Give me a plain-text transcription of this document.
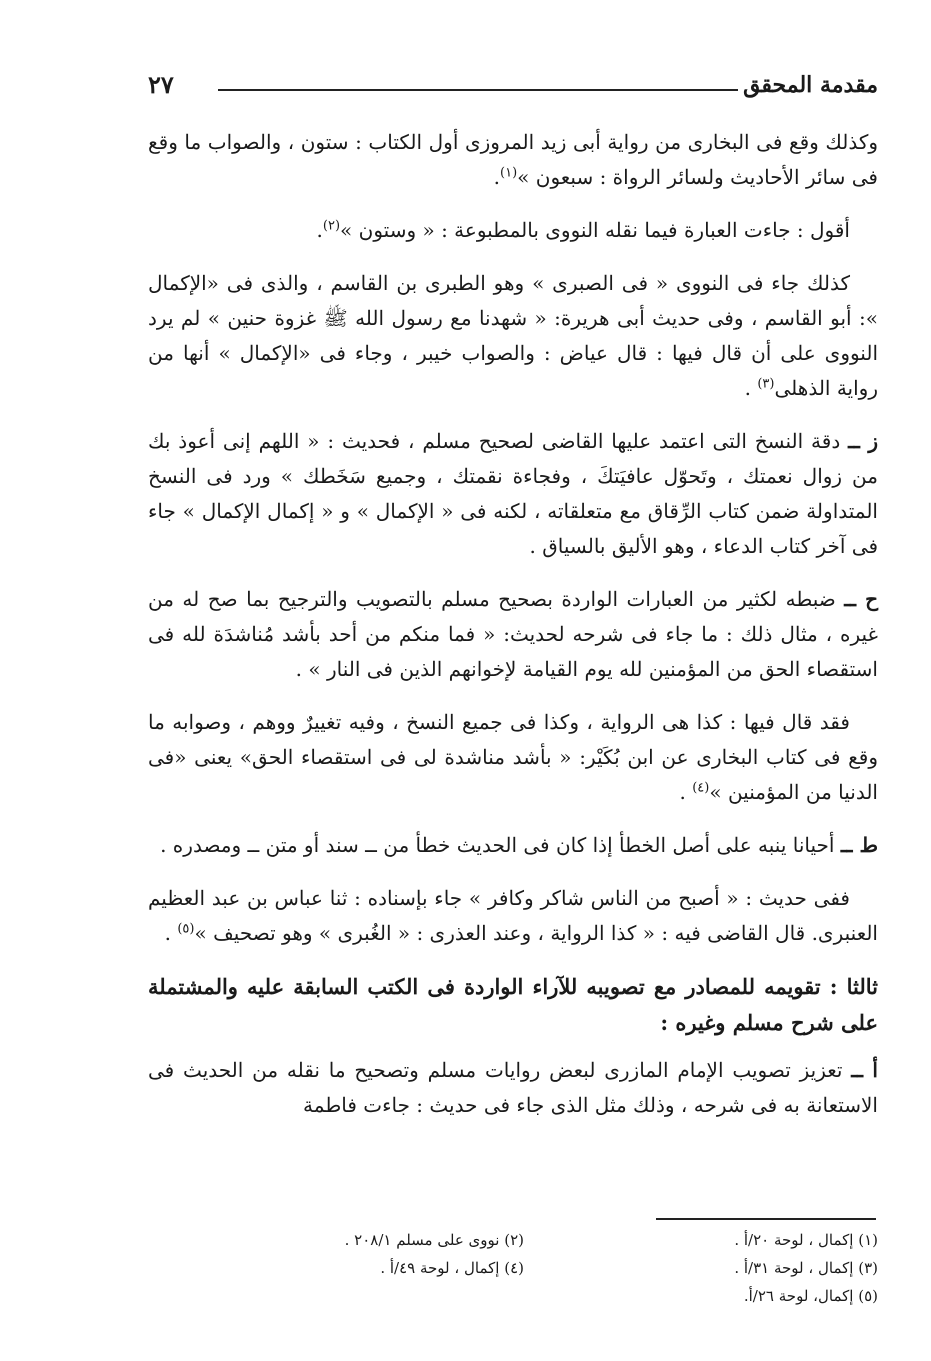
مقدمة المحقق
٢٧

وكذلك وقع فى البخارى من رواية أبى زيد المروزى أول الكتاب : ستون ، والصواب ما وقع فى سائر الأحاديث ولسائر الرواة : سبعون »$^{(١)}$.

أقول : جاءت العبارة فيما نقله النووى بالمطبوعة : « وستون »$^{(٢)}$.

كذلك جاء فى النووى « فى الصبرى » وهو الطبرى بن القاسم ، والذى فى «الإكمال »: أبو القاسم ، وفى حديث أبى هريرة: « شهدنا مع رسول الله ﷺ غزوة حنين » لم يرد النووى على أن قال فيها : قال عياض : والصواب خيبر ، وجاء فى «الإكمال » أنها من رواية الذهلى$^{(٣)}$ .

ز ــ دقة النسخ التى اعتمد عليها القاضى لصحيح مسلم ، فحديث : « اللهم إنى أعوذ بك من زوال نعمتك ، وتَحوّل عافيَتكَ ، وفجاءة نقمتك ، وجميع سَخَطك » ورد فى النسخ المتداولة ضمن كتاب الرِّقاق مع متعلقاته ، لكنه فى « الإكمال » و « إكمال الإكمال » جاء فى آخر كتاب الدعاء ، وهو الأليق بالسياق .

ح ــ ضبطه لكثير من العبارات الواردة بصحيح مسلم بالتصويب والترجيح بما صح له من غيره ، مثال ذلك : ما جاء فى شرحه لحديث: « فما منكم من أحد بأشد مُناشدَة لله فى استقصاء الحق من المؤمنين لله يوم القيامة لإخوانهم الذين فى النار » .

فقد قال فيها : كذا هى الرواية ، وكذا فى جميع النسخ ، وفيه تغييرٌ ووهم ، وصوابه ما وقع فى كتاب البخارى عن ابن بُكَيْر: « بأشد مناشدة لى فى استقصاء الحق» يعنى «فى الدنيا من المؤمنين »$^{(٤)}$ .

ط ــ أحيانا ينبه على أصل الخطأ إذا كان فى الحديث خطأ من ــ سند أو متن ــ ومصدره .

ففى حديث : « أصبح من الناس شاكر وكافر » جاء بإسناده : ثنا عباس بن عبد العظيم العنبرى. قال القاضى فيه : « كذا الرواية ، وعند العذرى : « الغُبرى » وهو تصحيف »$^{(٥)}$ .

ثالثا : تقويمه للمصادر مع تصويبه للآراء الواردة فى الكتب السابقة عليه والمشتملة على شرح مسلم وغيره :

أ ــ تعزيز تصويب الإمام المازرى لبعض روايات مسلم وتصحيح ما نقله من الحديث فى الاستعانة به فى شرحه ، وذلك مثل الذى جاء فى حديث : جاءت فاطمة

(١) إكمال ، لوحة ٢٠/أ .
(٢) نووى على مسلم ٢٠٨/١ .
(٣) إكمال ، لوحة ٣١/أ .
(٤) إكمال ، لوحة ٤٩/أ .
(٥) إكمال، لوحة ٢٦/أ.
